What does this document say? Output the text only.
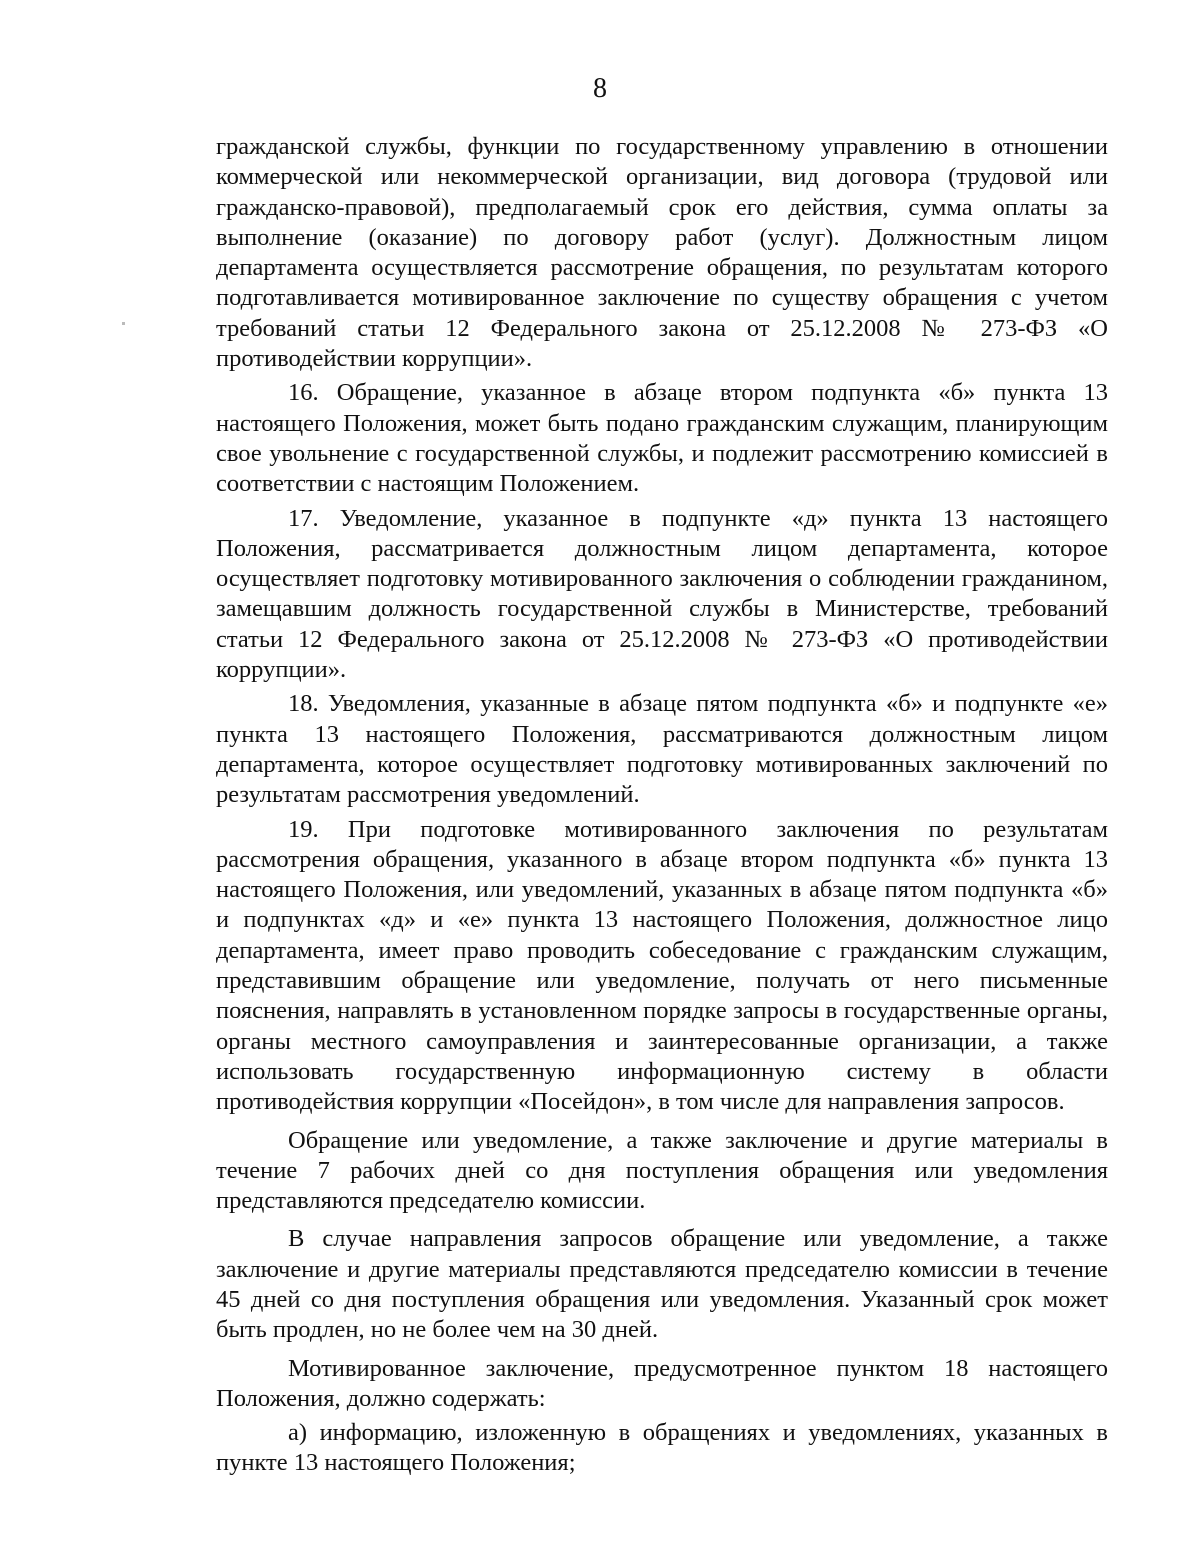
8

гражданской службы, функции по государственному управлению в отношении коммерческой или некоммерческой организации, вид договора (трудовой или гражданско-правовой), предполагаемый срок его действия, сумма оплаты за выполнение (оказание) по договору работ (услуг). Должностным лицом департамента осуществляется рассмотрение обращения, по результатам которого подготавливается мотивированное заключение по существу обращения с учетом требований статьи 12 Федерального закона от 25.12.2008 № 273-ФЗ «О противодействии коррупции».

16. Обращение, указанное в абзаце втором подпункта «б» пункта 13 настоящего Положения, может быть подано гражданским служащим, планирующим свое увольнение с государственной службы, и подлежит рассмотрению комиссией в соответствии с настоящим Положением.

17. Уведомление, указанное в подпункте «д» пункта 13 настоящего Положения, рассматривается должностным лицом департамента, которое осуществляет подготовку мотивированного заключения о соблюдении гражданином, замещавшим должность государственной службы в Министерстве, требований статьи 12 Федерального закона от 25.12.2008 № 273-ФЗ «О противодействии коррупции».

18. Уведомления, указанные в абзаце пятом подпункта «б» и подпункте «е» пункта 13 настоящего Положения, рассматриваются должностным лицом департамента, которое осуществляет подготовку мотивированных заключений по результатам рассмотрения уведомлений.

19. При подготовке мотивированного заключения по результатам рассмотрения обращения, указанного в абзаце втором подпункта «б» пункта 13 настоящего Положения, или уведомлений, указанных в абзаце пятом подпункта «б» и подпунктах «д» и «е» пункта 13 настоящего Положения, должностное лицо департамента, имеет право проводить собеседование с гражданским служащим, представившим обращение или уведомление, получать от него письменные пояснения, направлять в установленном порядке запросы в государственные органы, органы местного самоуправления и заинтересованные организации, а также использовать государственную информационную систему в области противодействия коррупции «Посейдон», в том числе для направления запросов.

Обращение или уведомление, а также заключение и другие материалы в течение 7 рабочих дней со дня поступления обращения или уведомления представляются председателю комиссии.

В случае направления запросов обращение или уведомление, а также заключение и другие материалы представляются председателю комиссии в течение 45 дней со дня поступления обращения или уведомления. Указанный срок может быть продлен, но не более чем на 30 дней.

Мотивированное заключение, предусмотренное пунктом 18 настоящего Положения, должно содержать:

а) информацию, изложенную в обращениях и уведомлениях, указанных в пункте 13 настоящего Положения;
